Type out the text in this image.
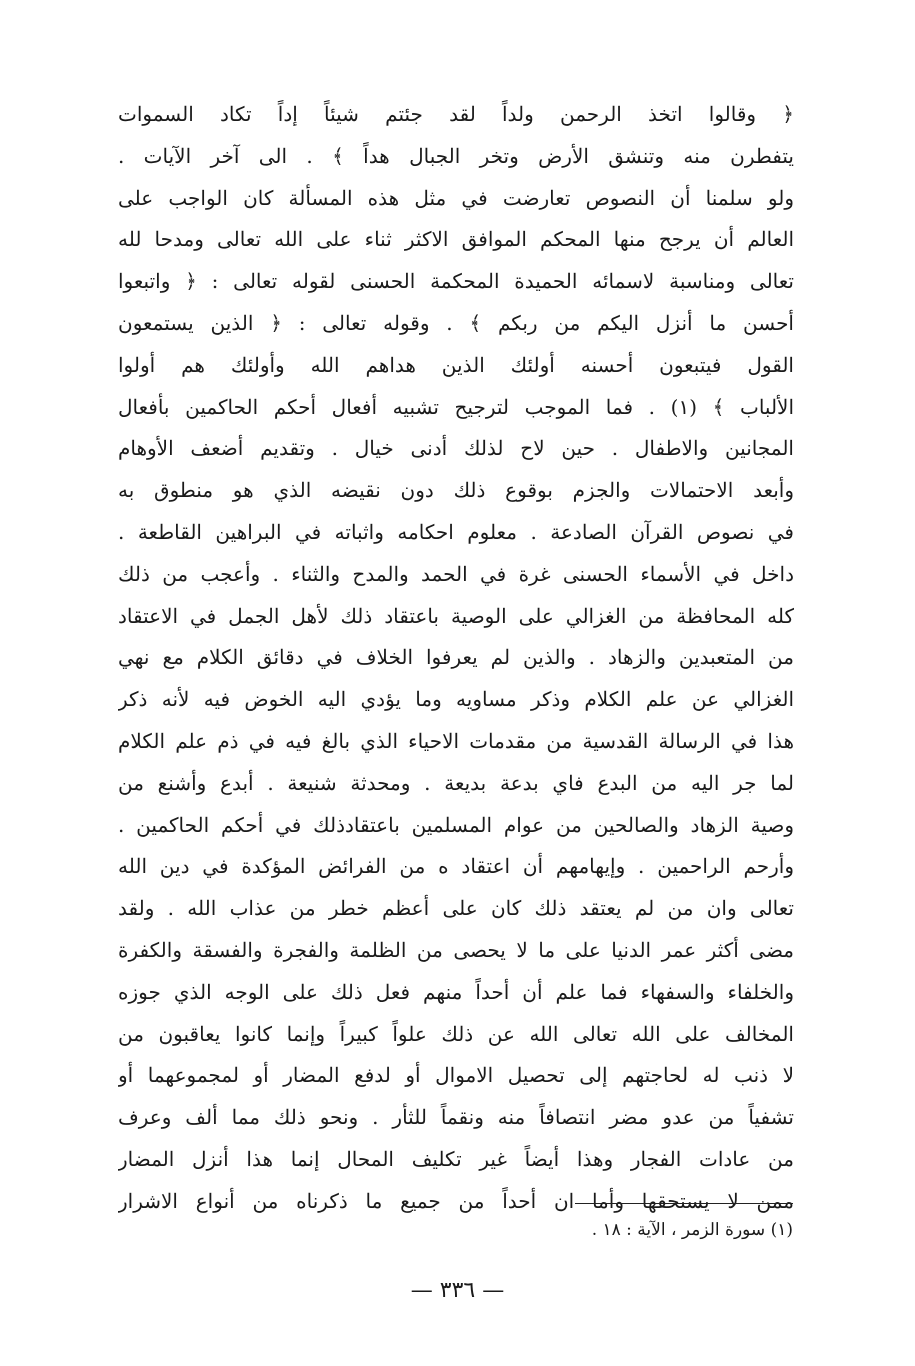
﴿ وقالوا اتخذ الرحمن ولداً لقد جئتم شيئاً إداً تكاد السموات
يتفطرن منه وتنشق الأرض وتخر الجبال هداً ﴾ . الى آخر الآيات .
ولو سلمنا أن النصوص تعارضت في مثل هذه المسألة كان الواجب على
العالم أن يرجح منها المحكم الموافق الاكثر ثناء على الله تعالى ومدحا لله
تعالى ومناسبة لاسمائه الحميدة المحكمة الحسنى لقوله تعالى : ﴿ واتبعوا
أحسن ما أنزل اليكم من ربكم ﴾ . وقوله تعالى : ﴿ الذين يستمعون
القول فيتبعون أحسنه أولئك الذين هداهم الله وأولئك هم أولوا
الألباب ﴾ (١) . فما الموجب لترجيح تشبيه أفعال أحكم الحاكمين بأفعال
المجانين والاطفال . حين لاح لذلك أدنى خيال . وتقديم أضعف الأوهام
وأبعد الاحتمالات والجزم بوقوع ذلك دون نقيضه الذي هو منطوق به
في نصوص القرآن الصادعة . معلوم احكامه واثباته في البراهين القاطعة .
داخل في الأسماء الحسنى غرة في الحمد والمدح والثناء . وأعجب من ذلك
كله المحافظة من الغزالي على الوصية باعتقاد ذلك لأهل الجمل في الاعتقاد
من المتعبدين والزهاد . والذين لم يعرفوا الخلاف في دقائق الكلام مع نهي
الغزالي عن علم الكلام وذكر مساويه وما يؤدي اليه الخوض فيه لأنه ذكر
هذا في الرسالة القدسية من مقدمات الاحياء الذي بالغ فيه في ذم علم الكلام
لما جر اليه من البدع فاي بدعة بديعة . ومحدثة شنيعة . أبدع وأشنع من
وصية الزهاد والصالحين من عوام المسلمين باعتقادذلك في أحكم الحاكمين .
وأرحم الراحمين . وإيهامهم أن اعتقاد ه من الفرائض المؤكدة في دين الله
تعالى وان من لم يعتقد ذلك كان على أعظم خطر من عذاب الله . ولقد
مضى أكثر عمر الدنيا على ما لا يحصى من الظلمة والفجرة والفسقة والكفرة
والخلفاء والسفهاء فما علم أن أحداً منهم فعل ذلك على الوجه الذي جوزه
المخالف على الله تعالى الله عن ذلك علواً كبيراً وإنما كانوا يعاقبون من
لا ذنب له لحاجتهم إلى تحصيل الاموال أو لدفع المضار أو لمجموعهما أو
تشفياً من عدو مضر انتصافاً منه ونقماً للثأر . ونحو ذلك مما ألف وعرف
من عادات الفجار وهذا أيضاً غير تكليف المحال إنما هذا أنزل المضار
ممن لا يستحقها وأما ان أحداً من جميع ما ذكرناه من أنواع الاشرار
(١) سورة الزمر ، الآية : ١٨ .
— ٣٣٦ —
